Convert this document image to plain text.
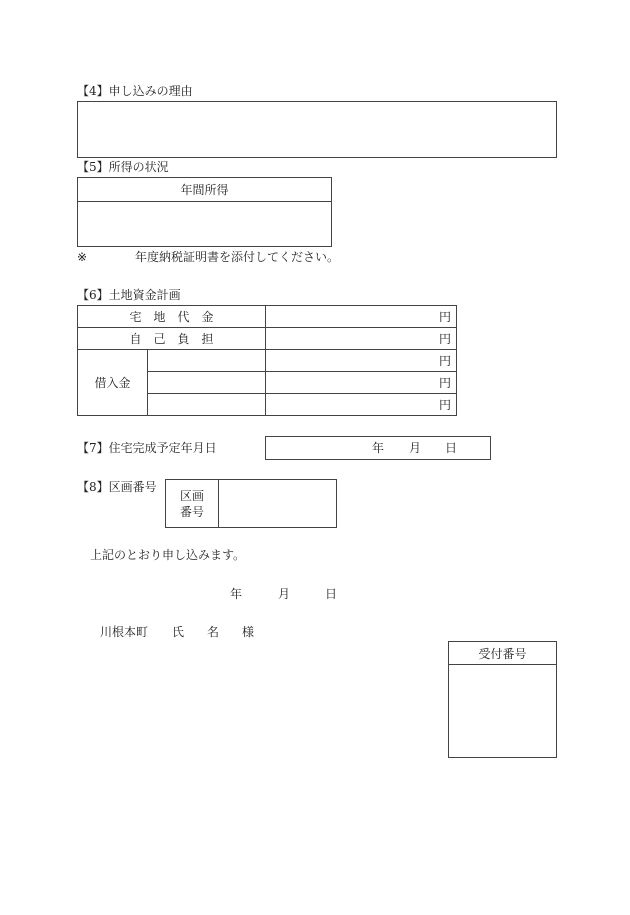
【4】申し込みの理由
【5】所得の状況
年間所得
※	年度納税証明書を添付してください。
【6】土地資金計画
宅　地　代　金		円
自　己　負　担		円
借入金		円
		円
		円
【7】住宅完成予定年月日	年 月 日
【8】区画番号
区画
番号
上記のとおり申し込みます。
年	月	日
川根本町 氏 名 様
受付番号
